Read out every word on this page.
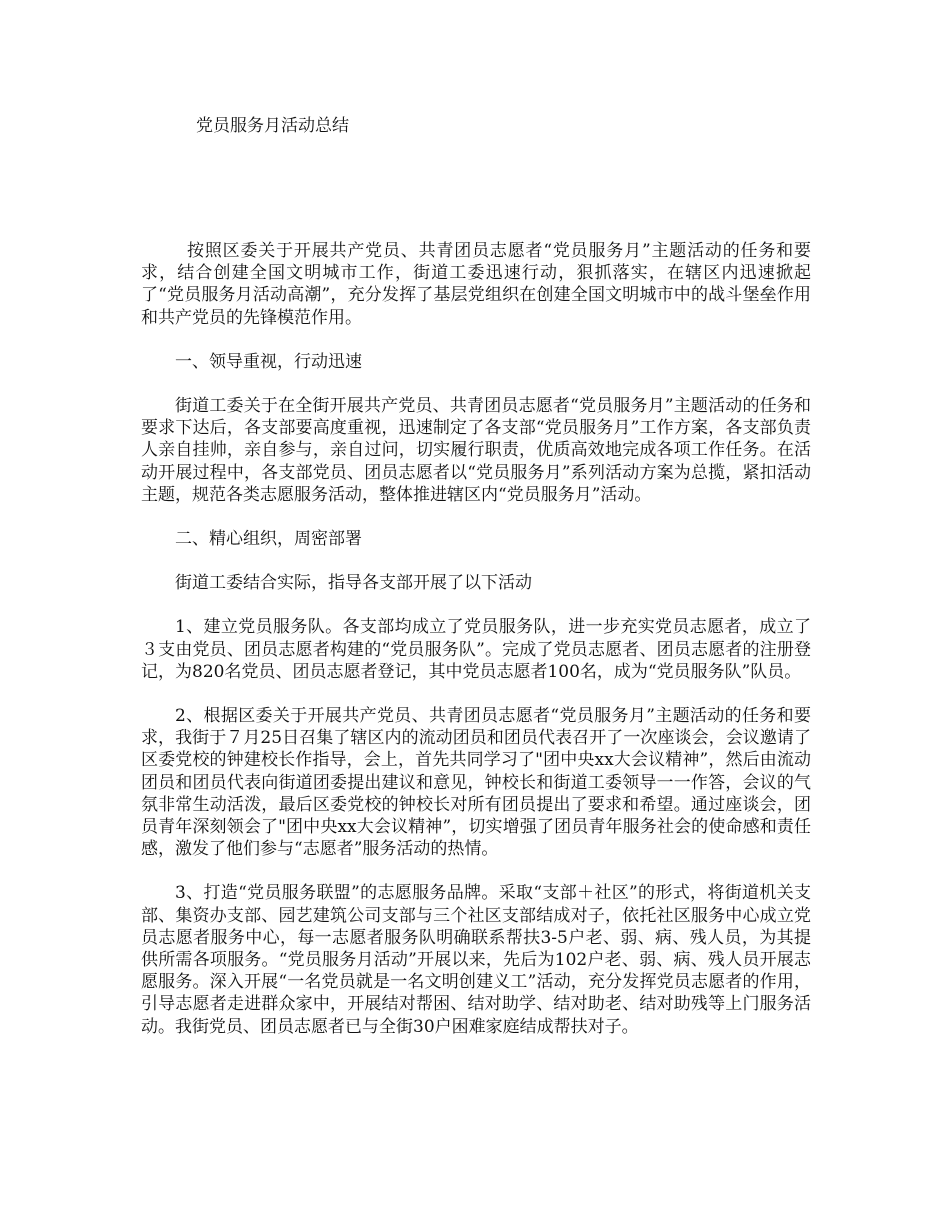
党员服务月活动总结

按照区委关于开展共产党员、共青团员志愿者“党员服务月”主题活动的任务和要求，结合创建全国文明城市工作，街道工委迅速行动，狠抓落实，在辖区内迅速掀起了“党员服务月活动高潮”，充分发挥了基层党组织在创建全国文明城市中的战斗堡垒作用和共产党员的先锋模范作用。

一、领导重视，行动迅速

街道工委关于在全街开展共产党员、共青团员志愿者“党员服务月”主题活动的任务和要求下达后，各支部要高度重视，迅速制定了各支部“党员服务月”工作方案，各支部负责人亲自挂帅，亲自参与，亲自过问，切实履行职责，优质高效地完成各项工作任务。在活动开展过程中，各支部党员、团员志愿者以“党员服务月”系列活动方案为总揽，紧扣活动主题，规范各类志愿服务活动，整体推进辖区内“党员服务月”活动。

二、精心组织，周密部署

街道工委结合实际，指导各支部开展了以下活动

1、建立党员服务队。各支部均成立了党员服务队，进一步充实党员志愿者，成立了３支由党员、团员志愿者构建的“党员服务队”。完成了党员志愿者、团员志愿者的注册登记，为820名党员、团员志愿者登记，其中党员志愿者100名，成为“党员服务队”队员。

2、根据区委关于开展共产党员、共青团员志愿者“党员服务月”主题活动的任务和要求，我街于７月25日召集了辖区内的流动团员和团员代表召开了一次座谈会，会议邀请了区委党校的钟建校长作指导，会上，首先共同学习了"团中央xx大会议精神”，然后由流动团员和团员代表向街道团委提出建议和意见，钟校长和街道工委领导一一作答，会议的气氛非常生动活泼，最后区委党校的钟校长对所有团员提出了要求和希望。通过座谈会，团员青年深刻领会了"团中央xx大会议精神”，切实增强了团员青年服务社会的使命感和责任感，激发了他们参与“志愿者”服务活动的热情。

3、打造“党员服务联盟”的志愿服务品牌。采取“支部＋社区”的形式，将街道机关支部、集资办支部、园艺建筑公司支部与三个社区支部结成对子，依托社区服务中心成立党员志愿者服务中心，每一志愿者服务队明确联系帮扶3-5户老、弱、病、残人员，为其提供所需各项服务。“党员服务月活动”开展以来，先后为102户老、弱、病、残人员开展志愿服务。深入开展“一名党员就是一名文明创建义工”活动，充分发挥党员志愿者的作用，引导志愿者走进群众家中，开展结对帮困、结对助学、结对助老、结对助残等上门服务活动。我街党员、团员志愿者已与全街30户困难家庭结成帮扶对子。
